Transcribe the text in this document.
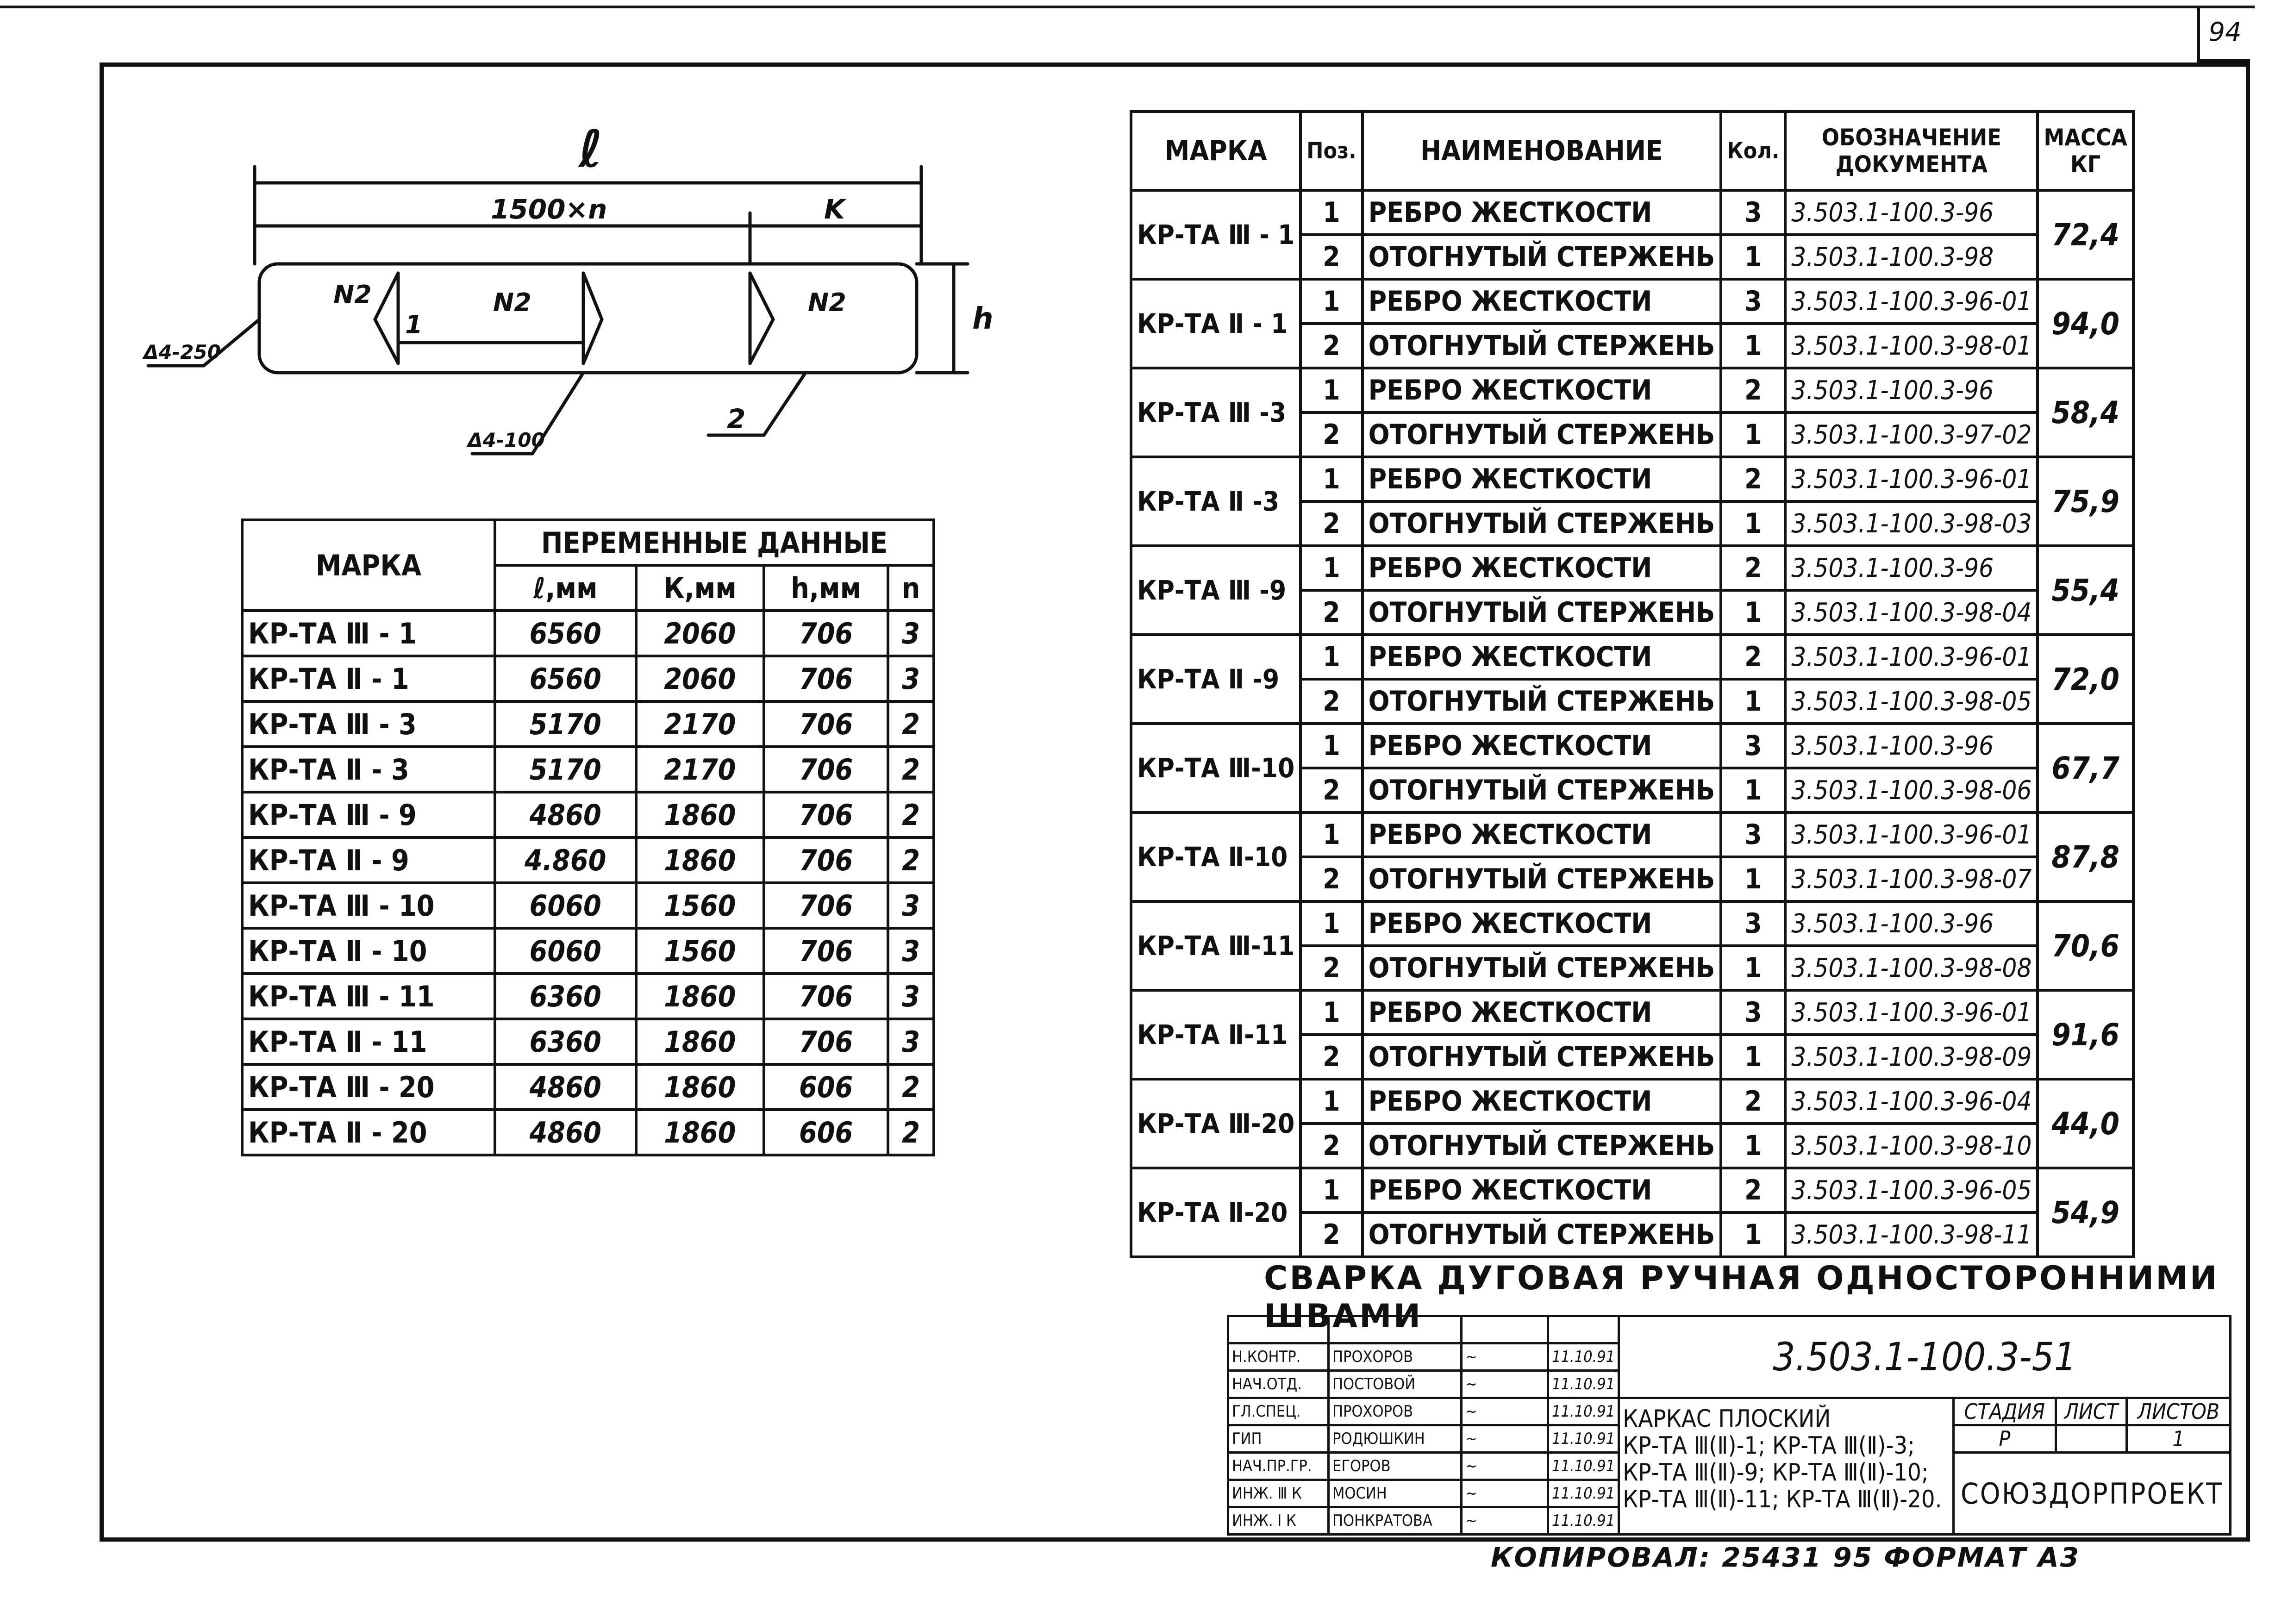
94
ℓ
1500×n	K
h
N2	N2	N2
1
2
Δ4-250
Δ4-100
МАРКА	ПЕРЕМЕННЫЕ ДАННЫЕ			
	ℓ,мм	К,мм	h,мм	n
КР-ТА Ⅲ - 1	6560	2060	706	3
КР-ТА Ⅱ - 1	6560	2060	706	3
КР-ТА Ⅲ - 3	5170	2170	706	2
КР-ТА Ⅱ - 3	5170	2170	706	2
КР-ТА Ⅲ - 9	4860	1860	706	2
КР-ТА Ⅱ - 9	4.860	1860	706	2
КР-ТА Ⅲ - 10	6060	1560	706	3
КР-ТА Ⅱ - 10	6060	1560	706	3
КР-ТА Ⅲ - 11	6360	1860	706	3
КР-ТА Ⅱ - 11	6360	1860	706	3
КР-ТА Ⅲ - 20	4860	1860	606	2
КР-ТА Ⅱ - 20	4860	1860	606	2
МАРКА	Поз.	НАИМЕНОВАНИЕ	Кол.	ОБОЗНАЧЕНИЕ ДОКУМЕНТА	МАССА КГ
КР-ТА Ⅲ - 1	1	РЕБРО ЖЕСТКОСТИ	3	3.503.1-100.3-96	72,4
	2	ОТОГНУТЫЙ СТЕРЖЕНЬ	1	3.503.1-100.3-98	
КР-ТА Ⅱ - 1	1	РЕБРО ЖЕСТКОСТИ	3	3.503.1-100.3-96-01	94,0
	2	ОТОГНУТЫЙ СТЕРЖЕНЬ	1	3.503.1-100.3-98-01	
КР-ТА Ⅲ -3	1	РЕБРО ЖЕСТКОСТИ	2	3.503.1-100.3-96	58,4
	2	ОТОГНУТЫЙ СТЕРЖЕНЬ	1	3.503.1-100.3-97-02	
КР-ТА Ⅱ -3	1	РЕБРО ЖЕСТКОСТИ	2	3.503.1-100.3-96-01	75,9
	2	ОТОГНУТЫЙ СТЕРЖЕНЬ	1	3.503.1-100.3-98-03	
КР-ТА Ⅲ -9	1	РЕБРО ЖЕСТКОСТИ	2	3.503.1-100.3-96	55,4
	2	ОТОГНУТЫЙ СТЕРЖЕНЬ	1	3.503.1-100.3-98-04	
КР-ТА Ⅱ -9	1	РЕБРО ЖЕСТКОСТИ	2	3.503.1-100.3-96-01	72,0
	2	ОТОГНУТЫЙ СТЕРЖЕНЬ	1	3.503.1-100.3-98-05	
КР-ТА Ⅲ-10	1	РЕБРО ЖЕСТКОСТИ	3	3.503.1-100.3-96	67,7
	2	ОТОГНУТЫЙ СТЕРЖЕНЬ	1	3.503.1-100.3-98-06	
КР-ТА Ⅱ-10	1	РЕБРО ЖЕСТКОСТИ	3	3.503.1-100.3-96-01	87,8
	2	ОТОГНУТЫЙ СТЕРЖЕНЬ	1	3.503.1-100.3-98-07	
КР-ТА Ⅲ-11	1	РЕБРО ЖЕСТКОСТИ	3	3.503.1-100.3-96	70,6
	2	ОТОГНУТЫЙ СТЕРЖЕНЬ	1	3.503.1-100.3-98-08	
КР-ТА Ⅱ-11	1	РЕБРО ЖЕСТКОСТИ	3	3.503.1-100.3-96-01	91,6
	2	ОТОГНУТЫЙ СТЕРЖЕНЬ	1	3.503.1-100.3-98-09	
КР-ТА Ⅲ-20	1	РЕБРО ЖЕСТКОСТИ	2	3.503.1-100.3-96-04	44,0
	2	ОТОГНУТЫЙ СТЕРЖЕНЬ	1	3.503.1-100.3-98-10	
КР-ТА Ⅱ-20	1	РЕБРО ЖЕСТКОСТИ	2	3.503.1-100.3-96-05	54,9
	2	ОТОГНУТЫЙ СТЕРЖЕНЬ	1	3.503.1-100.3-98-11	
СВАРКА ДУГОВАЯ РУЧНАЯ ОДНОСТОРОННИМИ ШВАМИ
				3.503.1-100.3-51			
Н.КОНТР.	ПРОХОРОВ	~	11.10.91				
НАЧ.ОТД.	ПОСТОВОЙ	~	11.10.91				
ГЛ.СПЕЦ.	ПРОХОРОВ	~	11.10.91	КАРКАС ПЛОСКИЙ
КР-ТА Ⅲ(Ⅱ)-1; КР-ТА Ⅲ(Ⅱ)-3;
КР-ТА Ⅲ(Ⅱ)-9; КР-ТА Ⅲ(Ⅱ)-10;
КР-ТА Ⅲ(Ⅱ)-11; КР-ТА Ⅲ(Ⅱ)-20.	СТАДИЯ	ЛИСТ	ЛИСТОВ
ГИП	РОДЮШКИН	~	11.10.91		Р		1
НАЧ.ПР.ГР.	ЕГОРОВ	~	11.10.91		СОЮЗДОРПРОЕКТ		
ИНЖ. Ⅲ К	МОСИН	~	11.10.91				
ИНЖ. Ⅰ К	ПОНКРАТОВА	~	11.10.91				
КОПИРОВАЛ: 25431 95 ФОРМАТ А3
